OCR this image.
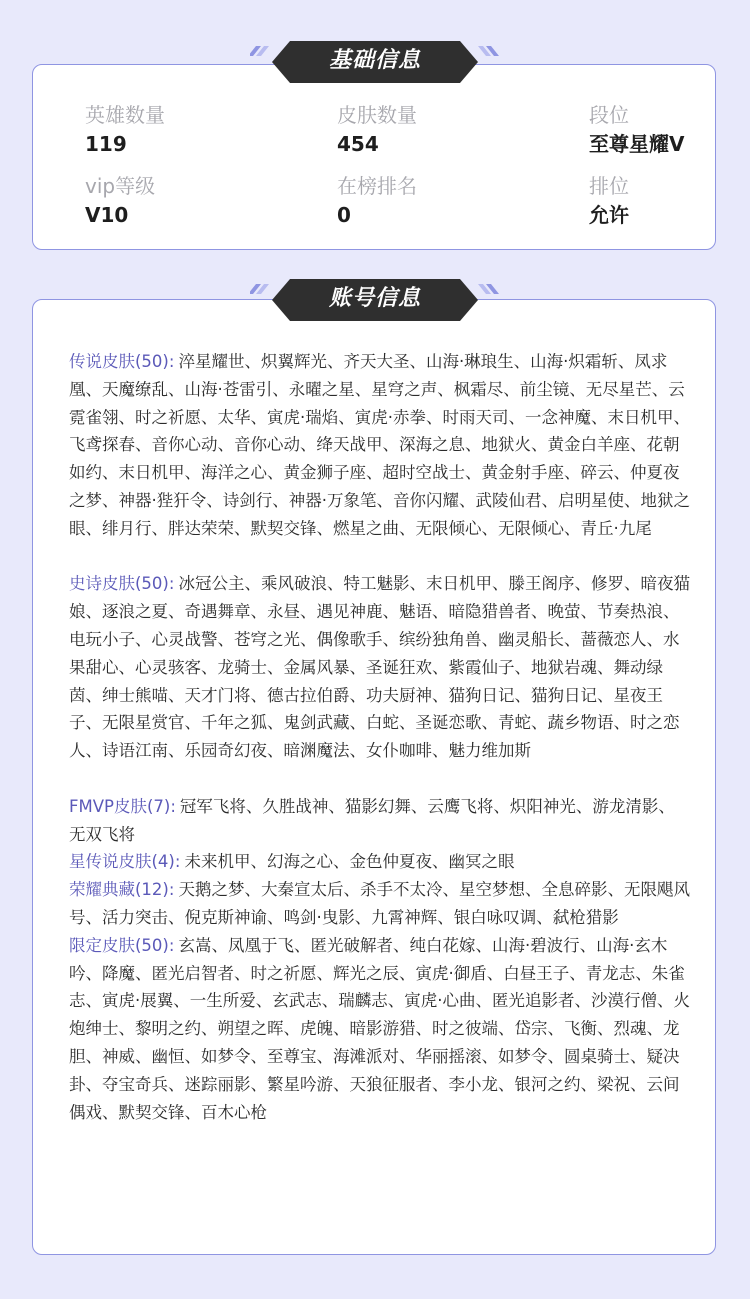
英雄数量
119
皮肤数量
454
段位
至尊星耀V
vip等级
V10
在榜排名
0
排位
允许
基础信息
传说皮肤(50): 淬星耀世、炽翼辉光、齐天大圣、山海·琳琅生、山海·炽霜斩、凤求凰、天魔缭乱、山海·苍雷引、永曜之星、星穹之声、枫霜尽、前尘镜、无尽星芒、云霓雀翎、时之祈愿、太华、寅虎·瑞焰、寅虎·赤拳、时雨天司、一念神魔、末日机甲、飞鸢探春、音你心动、音你心动、绛天战甲、深海之息、地狱火、黄金白羊座、花朝如约、末日机甲、海洋之心、黄金狮子座、超时空战士、黄金射手座、碎云、仲夏夜之梦、神器·狴犴令、诗剑行、神器·万象笔、音你闪耀、武陵仙君、启明星使、地狱之眼、绯月行、胖达荣荣、默契交锋、燃星之曲、无限倾心、无限倾心、青丘·九尾
史诗皮肤(50): 冰冠公主、乘风破浪、特工魅影、末日机甲、滕王阁序、修罗、暗夜猫娘、逐浪之夏、奇遇舞章、永昼、遇见神鹿、魅语、暗隐猎兽者、晚萤、节奏热浪、电玩小子、心灵战警、苍穹之光、偶像歌手、缤纷独角兽、幽灵船长、蔷薇恋人、水果甜心、心灵骇客、龙骑士、金属风暴、圣诞狂欢、紫霞仙子、地狱岩魂、舞动绿茵、绅士熊喵、天才门将、德古拉伯爵、功夫厨神、猫狗日记、猫狗日记、星夜王子、无限星赏官、千年之狐、鬼剑武藏、白蛇、圣诞恋歌、青蛇、蔬乡物语、时之恋人、诗语江南、乐园奇幻夜、暗渊魔法、女仆咖啡、魅力维加斯
FMVP皮肤(7): 冠军飞将、久胜战神、猫影幻舞、云鹰飞将、炽阳神光、游龙清影、无双飞将
星传说皮肤(4): 未来机甲、幻海之心、金色仲夏夜、幽冥之眼
荣耀典藏(12): 天鹅之梦、大秦宣太后、杀手不太冷、星空梦想、全息碎影、无限飓风号、活力突击、倪克斯神谕、鸣剑·曳影、九霄神辉、银白咏叹调、弑枪猎影
限定皮肤(50): 玄嵩、凤凰于飞、匿光破解者、纯白花嫁、山海·碧波行、山海·玄木吟、降魔、匿光启智者、时之祈愿、辉光之辰、寅虎·御盾、白昼王子、青龙志、朱雀志、寅虎·展翼、一生所爱、玄武志、瑞麟志、寅虎·心曲、匿光追影者、沙漠行僧、火炮绅士、黎明之约、朔望之晖、虎魄、暗影游猎、时之彼端、岱宗、飞衡、烈魂、龙胆、神威、幽恒、如梦令、至尊宝、海滩派对、华丽摇滚、如梦令、圆桌骑士、疑决卦、夺宝奇兵、迷踪丽影、繁星吟游、天狼征服者、李小龙、银河之约、梁祝、云间偶戏、默契交锋、百木心枪
账号信息
